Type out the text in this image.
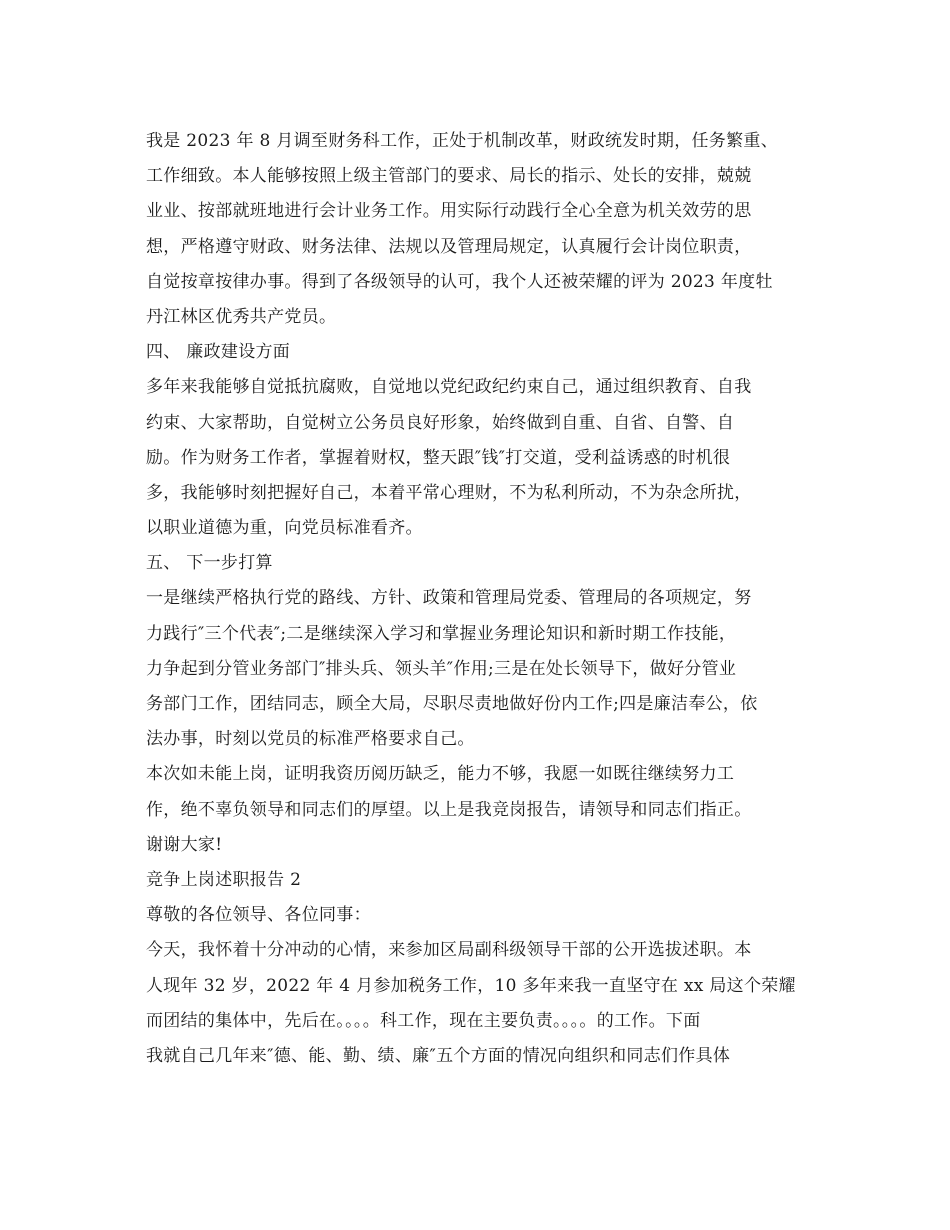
我是 2023 年 8 月调至财务科工作，正处于机制改革，财政统发时期，任务繁重、
工作细致。本人能够按照上级主管部门的要求、局长的指示、处长的安排，兢兢
业业、按部就班地进行会计业务工作。用实际行动践行全心全意为机关效劳的思
想，严格遵守财政、财务法律、法规以及管理局规定，认真履行会计岗位职责，
自觉按章按律办事。得到了各级领导的认可，我个人还被荣耀的评为 2023 年度牡
丹江林区优秀共产党员。
四、 廉政建设方面
多年来我能够自觉抵抗腐败，自觉地以党纪政纪约束自己，通过组织教育、自我
约束、大家帮助，自觉树立公务员良好形象，始终做到自重、自省、自警、自
励。作为财务工作者，掌握着财权，整天跟″钱″打交道，受利益诱惑的时机很
多，我能够时刻把握好自己，本着平常心理财，不为私利所动，不为杂念所扰，
以职业道德为重，向党员标准看齐。
五、 下一步打算
一是继续严格执行党的路线、方针、政策和管理局党委、管理局的各项规定，努
力践行″三个代表″;二是继续深入学习和掌握业务理论知识和新时期工作技能，
力争起到分管业务部门″排头兵、领头羊″作用;三是在处长领导下，做好分管业
务部门工作，团结同志，顾全大局，尽职尽责地做好份内工作;四是廉洁奉公，依
法办事，时刻以党员的标准严格要求自己。
本次如未能上岗，证明我资历阅历缺乏，能力不够，我愿一如既往继续努力工
作，绝不辜负领导和同志们的厚望。以上是我竞岗报告，请领导和同志们指正。
谢谢大家!
竞争上岗述职报告 2
尊敬的各位领导、各位同事：
今天，我怀着十分冲动的心情，来参加区局副科级领导干部的公开选拔述职。本
人现年 32 岁，2022 年 4 月参加税务工作，10 多年来我一直坚守在 xx 局这个荣耀
而团结的集体中，先后在。。。。科工作，现在主要负责。。。。的工作。下面
我就自己几年来″德、能、勤、绩、廉″五个方面的情况向组织和同志们作具体
